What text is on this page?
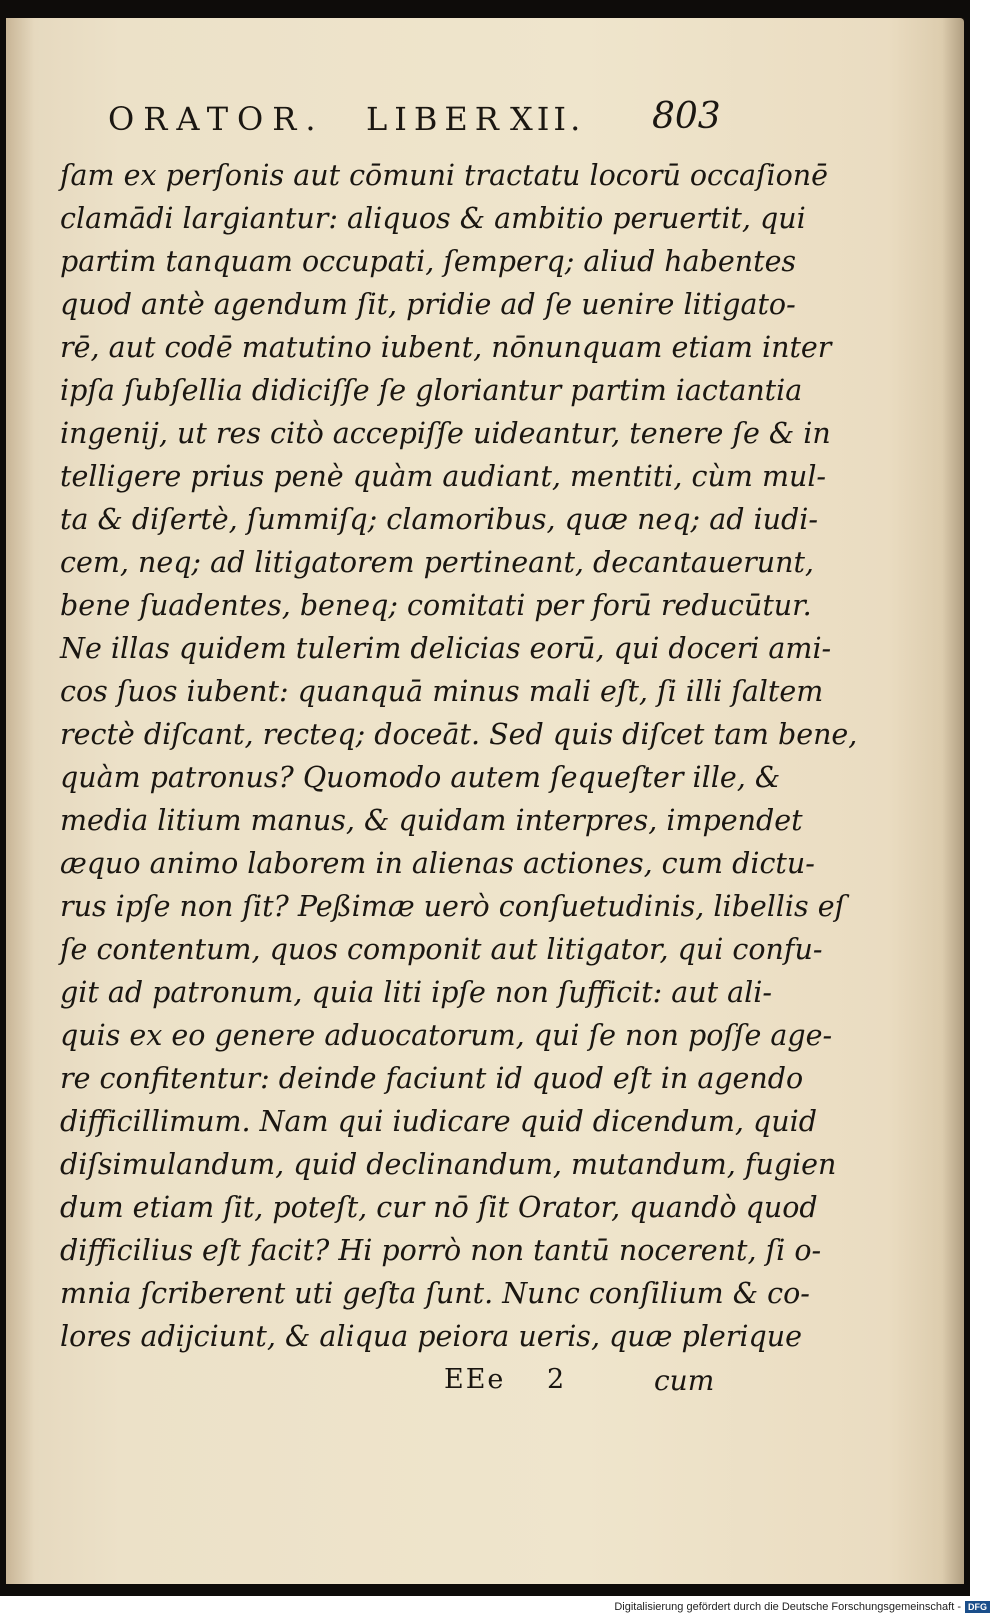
ORATOR. LIBER XII. 803
ſam ex perſonis aut cōmuni tractatu locorū occaſionē
clamādi largiantur: aliquos & ambitio peruertit, qui
partim tanquam occupati, ſemperq; aliud habentes
quod antè agendum ſit, pridie ad ſe uenire litigato-
rē, aut codē matutino iubent, nōnunquam etiam inter
ipſa ſubſellia didiciſſe ſe gloriantur partim iactantia
ingenij, ut res citò accepiſſe uideantur, tenere ſe & in
telligere prius penè quàm audiant, mentiti, cùm mul-
ta & diſertè, ſummiſq; clamoribus, quæ neq; ad iudi-
cem, neq; ad litigatorem pertineant, decantauerunt,
bene ſuadentes, beneq; comitati per forū reducūtur.
Ne illas quidem tulerim delicias eorū, qui doceri ami-
cos ſuos iubent: quanquā minus mali eſt, ſi illi ſaltem
rectè diſcant, recteq; doceāt. Sed quis diſcet tam bene,
quàm patronus? Quomodo autem ſequeſter ille, &
media litium manus, & quidam interpres, impendet
æquo animo laborem in alienas actiones, cum dictu-
rus ipſe non ſit? Peßimæ uerò conſuetudinis, libellis eſ
ſe contentum, quos componit aut litigator, qui confu-
git ad patronum, quia liti ipſe non ſufficit: aut ali-
quis ex eo genere aduocatorum, qui ſe non poſſe age-
re confitentur: deinde faciunt id quod eſt in agendo
difficillimum. Nam qui iudicare quid dicendum, quid
diſsimulandum, quid declinandum, mutandum, fugien
dum etiam ſit, poteſt, cur nō ſit Orator, quandò quod
difficilius eſt facit? Hi porrò non tantū nocerent, ſi o-
mnia ſcriberent uti geſta ſunt. Nunc conſilium & co-
lores adijciunt, & aliqua peiora ueris, quæ plerique
EEe 2	cum
Digitalisierung gefördert durch die Deutsche Forschungsgemeinschaft - DFG
